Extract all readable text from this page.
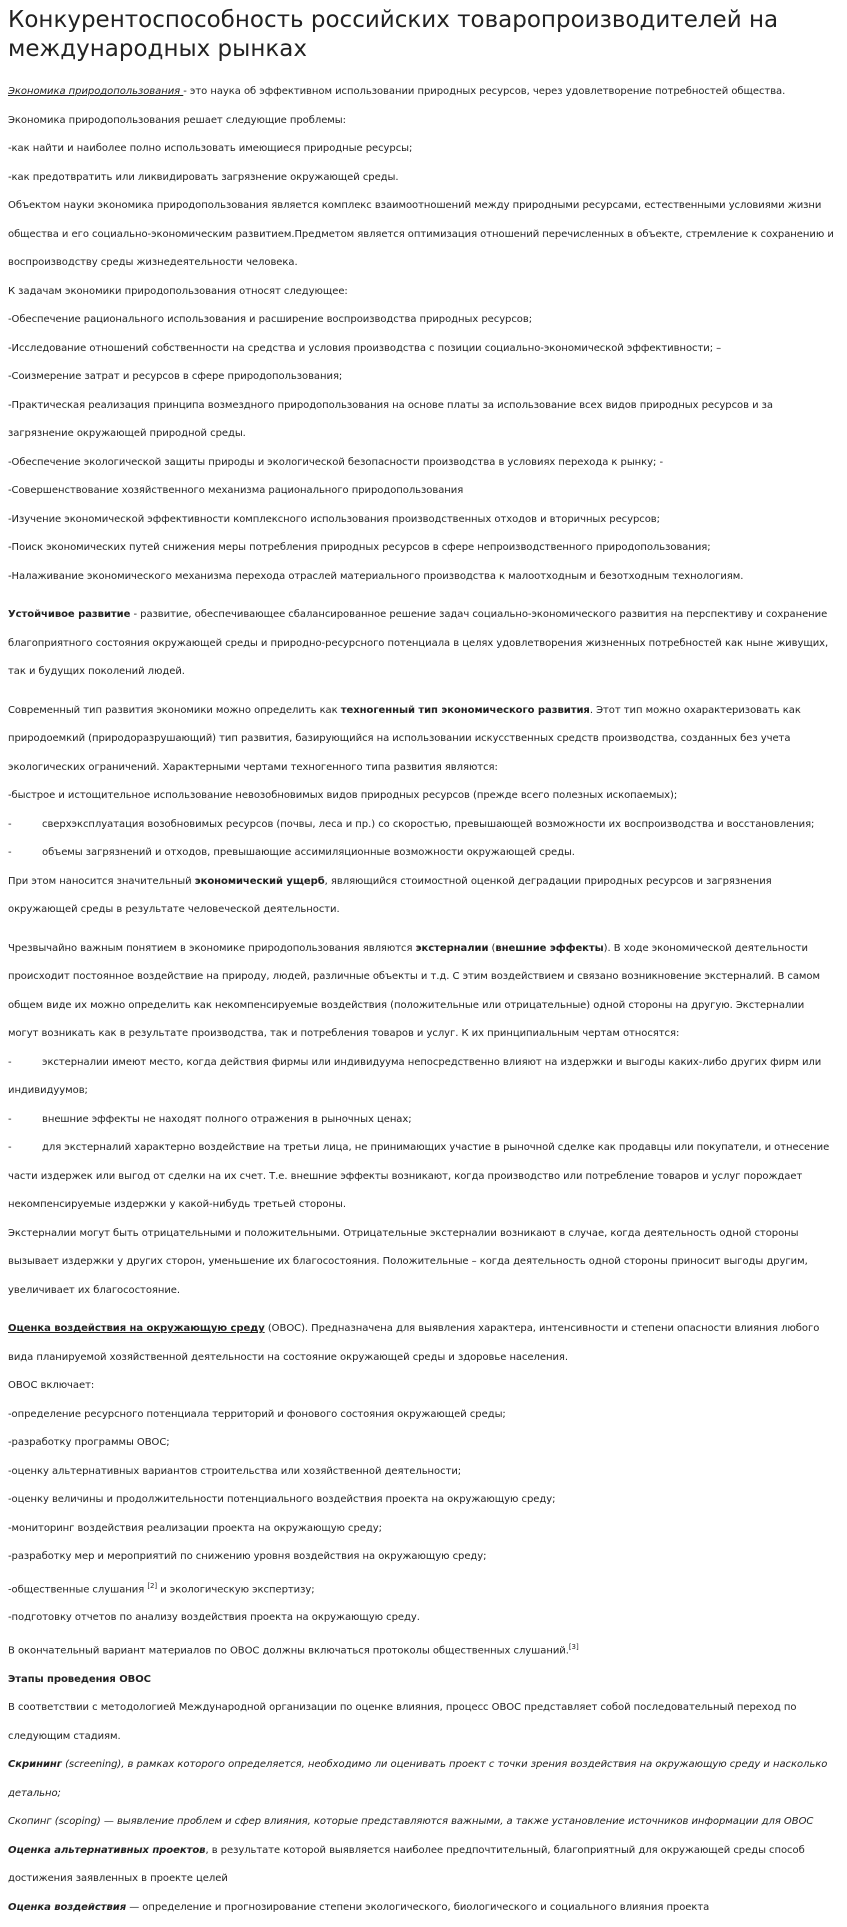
Конкурентоспособность российских товаропроизводителей на международных рынках

Экономика природопользования - это наука об эффективном использовании природных ресурсов, через удовлетворение потребностей общества.

Экономика природопользования решает следующие проблемы:

-как найти и наиболее полно использовать имеющиеся природные ресурсы;

-как предотвратить или ликвидировать загрязнение окружающей среды.

Объектом науки экономика природопользования является комплекс взаимоотношений между природными ресурсами, естественными условиями жизни общества и его социально-экономическим развитием.Предметом является оптимизация отношений перечисленных в объекте, стремление к сохранению и воспроизводству среды жизнедеятельности человека.

К задачам экономики природопользования относят следующее:

-Обеспечение рационального использования и расширение воспроизводства природных ресурсов;

-Исследование отношений собственности на средства и условия производства с позиции социально-экономической эффективности; –

-Соизмерение затрат и ресурсов в сфере природопользования;

-Практическая реализация принципа возмездного природопользования на основе платы за использование всех видов природных ресурсов и за загрязнение окружающей природной среды.

-Обеспечение экологической защиты природы и экологической безопасности производства в условиях перехода к рынку; -

-Совершенствование хозяйственного механизма рационального природопользования

-Изучение экономической эффективности комплексного использования производственных отходов и вторичных ресурсов;

-Поиск экономических путей снижения меры потребления природных ресурсов в сфере непроизводственного природопользования;

-Налаживание экономического механизма перехода отраслей материального производства к малоотходным и безотходным технологиям.

Устойчивое развитие - развитие, обеспечивающее сбалансированное решение задач социально-экономического развития на перспективу и сохранение благоприятного состояния окружающей среды и природно-ресурсного потенциала в целях удовлетворения жизненных потребностей как ныне живущих, так и будущих поколений людей.

Современный тип развития экономики можно определить как техногенный тип экономического развития. Этот тип можно охарактеризовать как природоемкий (природоразрушающий) тип развития, базирующийся на использовании искусственных средств производства, созданных без учета экологических ограничений. Характерными чертами техногенного типа развития являются:

-быстрое и истощительное использование невозобновимых видов природных ресурсов (прежде всего полезных ископаемых);

-	сверхэксплуатация возобновимых ресурсов (почвы, леса и пр.) со скоростью, превышающей возможности их воспроизводства и восстановления;

-	объемы загрязнений и отходов, превышающие ассимиляционные возможности окружающей среды.

При этом наносится значительный экономический ущерб, являющийся стоимостной оценкой деградации природных ресурсов и загрязнения окружающей среды в результате человеческой деятельности.

Чрезвычайно важным понятием в экономике природопользования являются экстерналии (внешние эффекты). В ходе экономической деятельности происходит постоянное воздействие на природу, людей, различные объекты и т.д. С этим воздействием и связано возникновение экстерналий. В самом общем виде их можно определить как некомпенсируемые воздействия (положительные или отрицательные) одной стороны на другую. Экстерналии могут возникать как в результате производства, так и потребления товаров и услуг. К их принципиальным чертам относятся:

-	экстерналии имеют место, когда действия фирмы или индивидуума непосредственно влияют на издержки и выгоды каких-либо других фирм или индивидуумов;

-	внешние эффекты не находят полного отражения в рыночных ценах;

-	для экстерналий характерно воздействие на третьи лица, не принимающих участие в рыночной сделке как продавцы или покупатели, и отнесение части издержек или выгод от сделки на их счет. Т.е. внешние эффекты возникают, когда производство или потребление товаров и услуг порождает некомпенсируемые издержки у какой-нибудь третьей стороны.

Экстерналии могут быть отрицательными и положительными. Отрицательные экстерналии возникают в случае, когда деятельность одной стороны вызывает издержки у других сторон, уменьшение их благосостояния. Положительные – когда деятельность одной стороны приносит выгоды другим, увеличивает их благосостояние.

Оценка воздействия на окружающую среду (ОВОС). Предназначена для выявления характера, интенсивности и степени опасности влияния любого вида планируемой хозяйственной деятельности на состояние окружающей среды и здоровье населения.

ОВОС включает:

-определение ресурсного потенциала территорий и фонового состояния окружающей среды;

-разработку программы ОВОС;

-оценку альтернативных вариантов строительства или хозяйственной деятельности;

-оценку величины и продолжительности потенциального воздействия проекта на окружающую среду;

-мониторинг воздействия реализации проекта на окружающую среду;

-разработку мер и мероприятий по снижению уровня воздействия на окружающую среду;

-общественные слушания [2] и экологическую экспертизу;

-подготовку отчетов по анализу воздействия проекта на окружающую среду.

В окончательный вариант материалов по ОВОС должны включаться протоколы общественных слушаний.[3]

Этапы проведения ОВОС

В соответствии с методологией Международной организации по оценке влияния, процесс ОВОС представляет собой последовательный переход по следующим стадиям.

Скрининг (screening), в рамках которого определяется, необходимо ли оценивать проект с точки зрения воздействия на окружающую среду и насколько детально;

Скопинг (scoping) — выявление проблем и сфер влияния, которые представляются важными, а также установление источников информации для ОВОС

Оценка альтернативных проектов, в результате которой выявляется наиболее предпочтительный, благоприятный для окружающей среды способ достижения заявленных в проекте целей

Оценка воздействия — определение и прогнозирование степени экологического, биологического и социального влияния проекта
